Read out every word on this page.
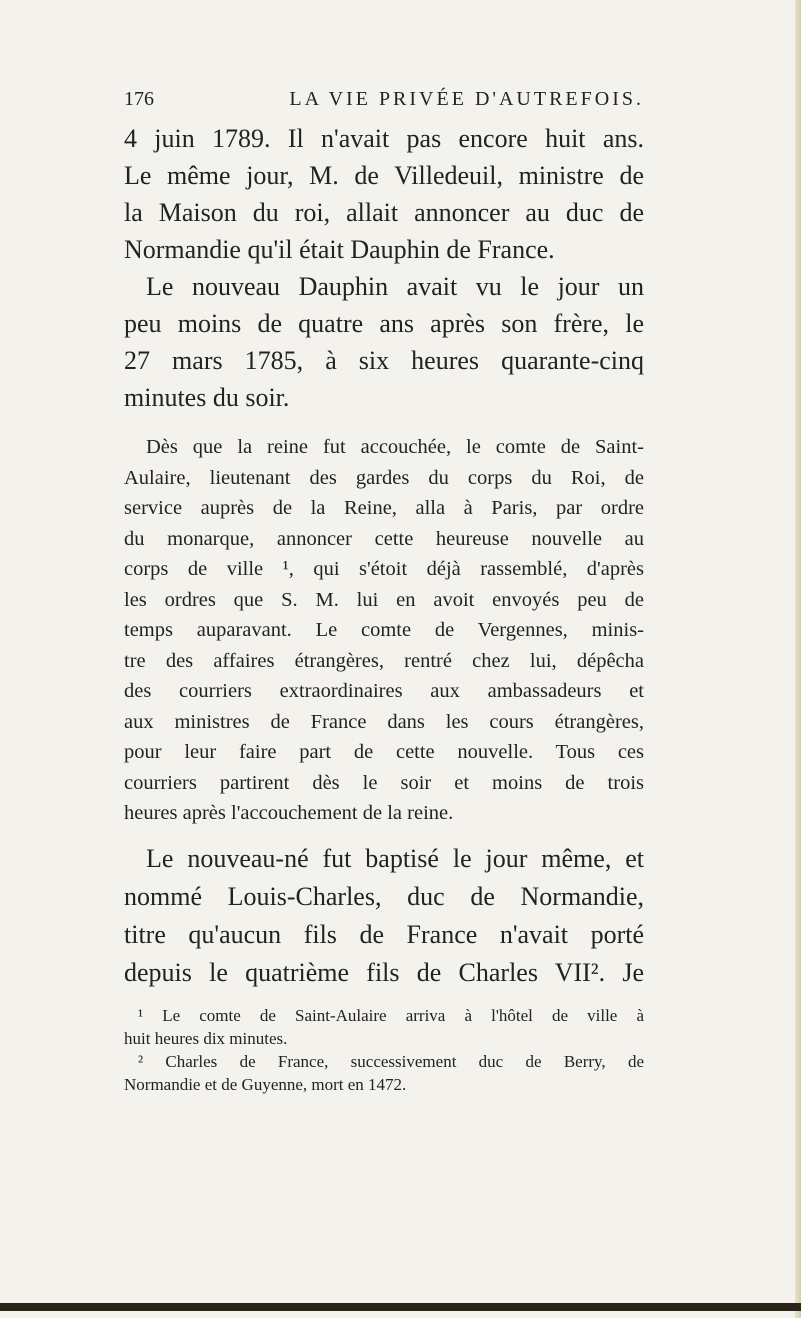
176	LA VIE PRIVÉE D'AUTREFOIS.
4 juin 1789. Il n'avait pas encore huit ans.
Le même jour, M. de Villedeuil, ministre de
la Maison du roi, allait annoncer au duc de
Normandie qu'il était Dauphin de France.
Le nouveau Dauphin avait vu le jour un
peu moins de quatre ans après son frère, le
27 mars 1785, à six heures quarante-cinq
minutes du soir.
Dès que la reine fut accouchée, le comte de Saint-
Aulaire, lieutenant des gardes du corps du Roi, de
service auprès de la Reine, alla à Paris, par ordre
du monarque, annoncer cette heureuse nouvelle au
corps de ville ¹, qui s'étoit déjà rassemblé, d'après
les ordres que S. M. lui en avoit envoyés peu de
temps auparavant. Le comte de Vergennes, minis-
tre des affaires étrangères, rentré chez lui, dépêcha
des courriers extraordinaires aux ambassadeurs et
aux ministres de France dans les cours étrangères,
pour leur faire part de cette nouvelle. Tous ces
courriers partirent dès le soir et moins de trois
heures après l'accouchement de la reine.
Le nouveau-né fut baptisé le jour même, et
nommé Louis-Charles, duc de Normandie,
titre qu'aucun fils de France n'avait porté
depuis le quatrième fils de Charles VII². Je
¹ Le comte de Saint-Aulaire arriva à l'hôtel de ville à
huit heures dix minutes.
² Charles de France, successivement duc de Berry, de
Normandie et de Guyenne, mort en 1472.
